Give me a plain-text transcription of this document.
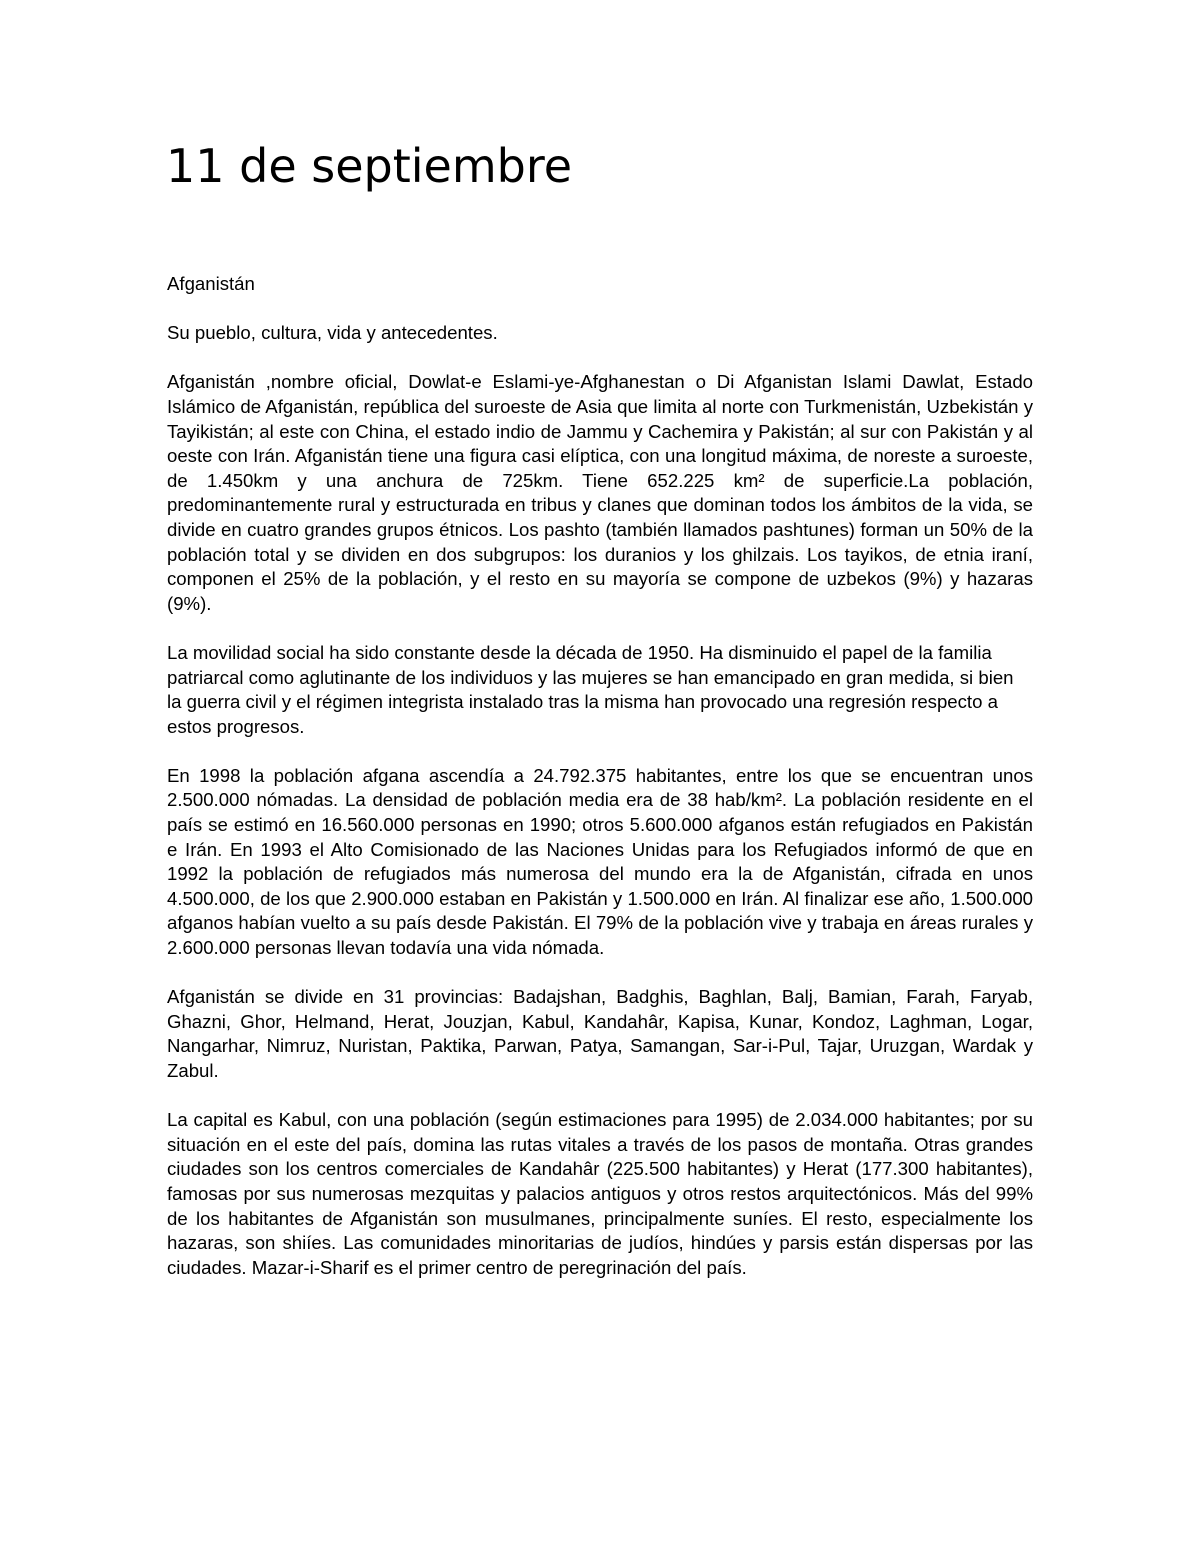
11 de septiembre

Afganistán

Su pueblo, cultura, vida y antecedentes.

Afganistán ,nombre oficial, Dowlat-e Eslami-ye-Afghanestan o Di Afganistan Islami Dawlat, Estado Islámico de Afganistán, república del suroeste de Asia que limita al norte con Turkmenistán, Uzbekistán y Tayikistán; al este con China, el estado indio de Jammu y Cachemira y Pakistán; al sur con Pakistán y al oeste con Irán. Afganistán tiene una figura casi elíptica, con una longitud máxima, de noreste a suroeste, de 1.450km y una anchura de 725km. Tiene 652.225 km² de superficie.La población, predominantemente rural y estructurada en tribus y clanes que dominan todos los ámbitos de la vida, se divide en cuatro grandes grupos étnicos. Los pashto (también llamados pashtunes) forman un 50% de la población total y se dividen en dos subgrupos: los duranios y los ghilzais. Los tayikos, de etnia iraní, componen el 25% de la población, y el resto en su mayoría se compone de uzbekos (9%) y hazaras (9%).

La movilidad social ha sido constante desde la década de 1950. Ha disminuido el papel de la familia patriarcal como aglutinante de los individuos y las mujeres se han emancipado en gran medida, si bien la guerra civil y el régimen integrista instalado tras la misma han provocado una regresión respecto a estos progresos.

En 1998 la población afgana ascendía a 24.792.375 habitantes, entre los que se encuentran unos 2.500.000 nómadas. La densidad de población media era de 38 hab/km². La población residente en el país se estimó en 16.560.000 personas en 1990; otros 5.600.000 afganos están refugiados en Pakistán e Irán. En 1993 el Alto Comisionado de las Naciones Unidas para los Refugiados informó de que en 1992 la población de refugiados más numerosa del mundo era la de Afganistán, cifrada en unos 4.500.000, de los que 2.900.000 estaban en Pakistán y 1.500.000 en Irán. Al finalizar ese año, 1.500.000 afganos habían vuelto a su país desde Pakistán. El 79% de la población vive y trabaja en áreas rurales y 2.600.000 personas llevan todavía una vida nómada.

Afganistán se divide en 31 provincias: Badajshan, Badghis, Baghlan, Balj, Bamian, Farah, Faryab, Ghazni, Ghor, Helmand, Herat, Jouzjan, Kabul, Kandahâr, Kapisa, Kunar, Kondoz, Laghman, Logar, Nangarhar, Nimruz, Nuristan, Paktika, Parwan, Patya, Samangan, Sar-i-Pul, Tajar, Uruzgan, Wardak y Zabul.

La capital es Kabul, con una población (según estimaciones para 1995) de 2.034.000 habitantes; por su situación en el este del país, domina las rutas vitales a través de los pasos de montaña. Otras grandes ciudades son los centros comerciales de Kandahâr (225.500 habitantes) y Herat (177.300 habitantes), famosas por sus numerosas mezquitas y palacios antiguos y otros restos arquitectónicos. Más del 99% de los habitantes de Afganistán son musulmanes, principalmente suníes. El resto, especialmente los hazaras, son shiíes. Las comunidades minoritarias de judíos, hindúes y parsis están dispersas por las ciudades. Mazar-i-Sharif es el primer centro de peregrinación del país.
